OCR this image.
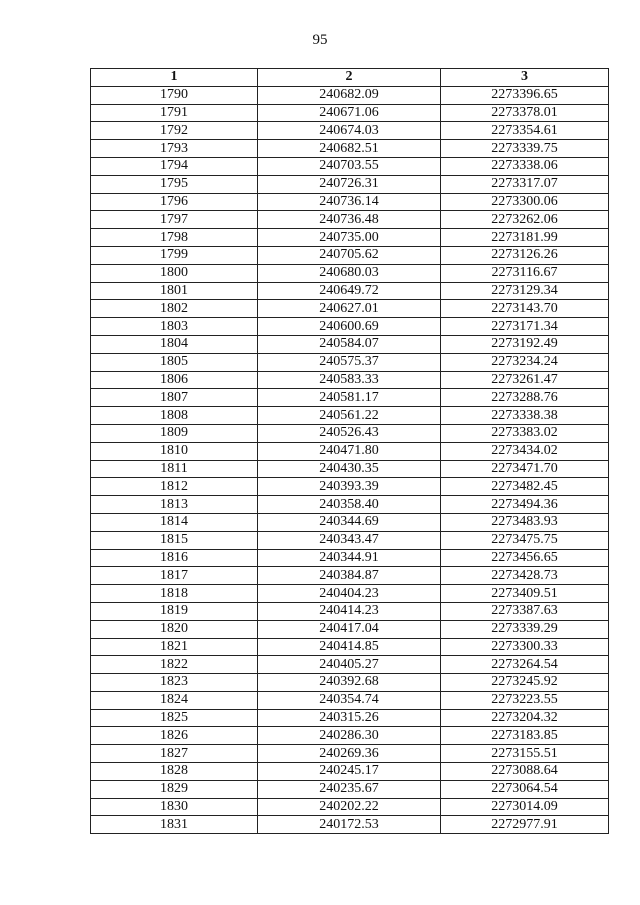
95
1	2	3
1790	240682.09	2273396.65
1791	240671.06	2273378.01
1792	240674.03	2273354.61
1793	240682.51	2273339.75
1794	240703.55	2273338.06
1795	240726.31	2273317.07
1796	240736.14	2273300.06
1797	240736.48	2273262.06
1798	240735.00	2273181.99
1799	240705.62	2273126.26
1800	240680.03	2273116.67
1801	240649.72	2273129.34
1802	240627.01	2273143.70
1803	240600.69	2273171.34
1804	240584.07	2273192.49
1805	240575.37	2273234.24
1806	240583.33	2273261.47
1807	240581.17	2273288.76
1808	240561.22	2273338.38
1809	240526.43	2273383.02
1810	240471.80	2273434.02
1811	240430.35	2273471.70
1812	240393.39	2273482.45
1813	240358.40	2273494.36
1814	240344.69	2273483.93
1815	240343.47	2273475.75
1816	240344.91	2273456.65
1817	240384.87	2273428.73
1818	240404.23	2273409.51
1819	240414.23	2273387.63
1820	240417.04	2273339.29
1821	240414.85	2273300.33
1822	240405.27	2273264.54
1823	240392.68	2273245.92
1824	240354.74	2273223.55
1825	240315.26	2273204.32
1826	240286.30	2273183.85
1827	240269.36	2273155.51
1828	240245.17	2273088.64
1829	240235.67	2273064.54
1830	240202.22	2273014.09
1831	240172.53	2272977.91
